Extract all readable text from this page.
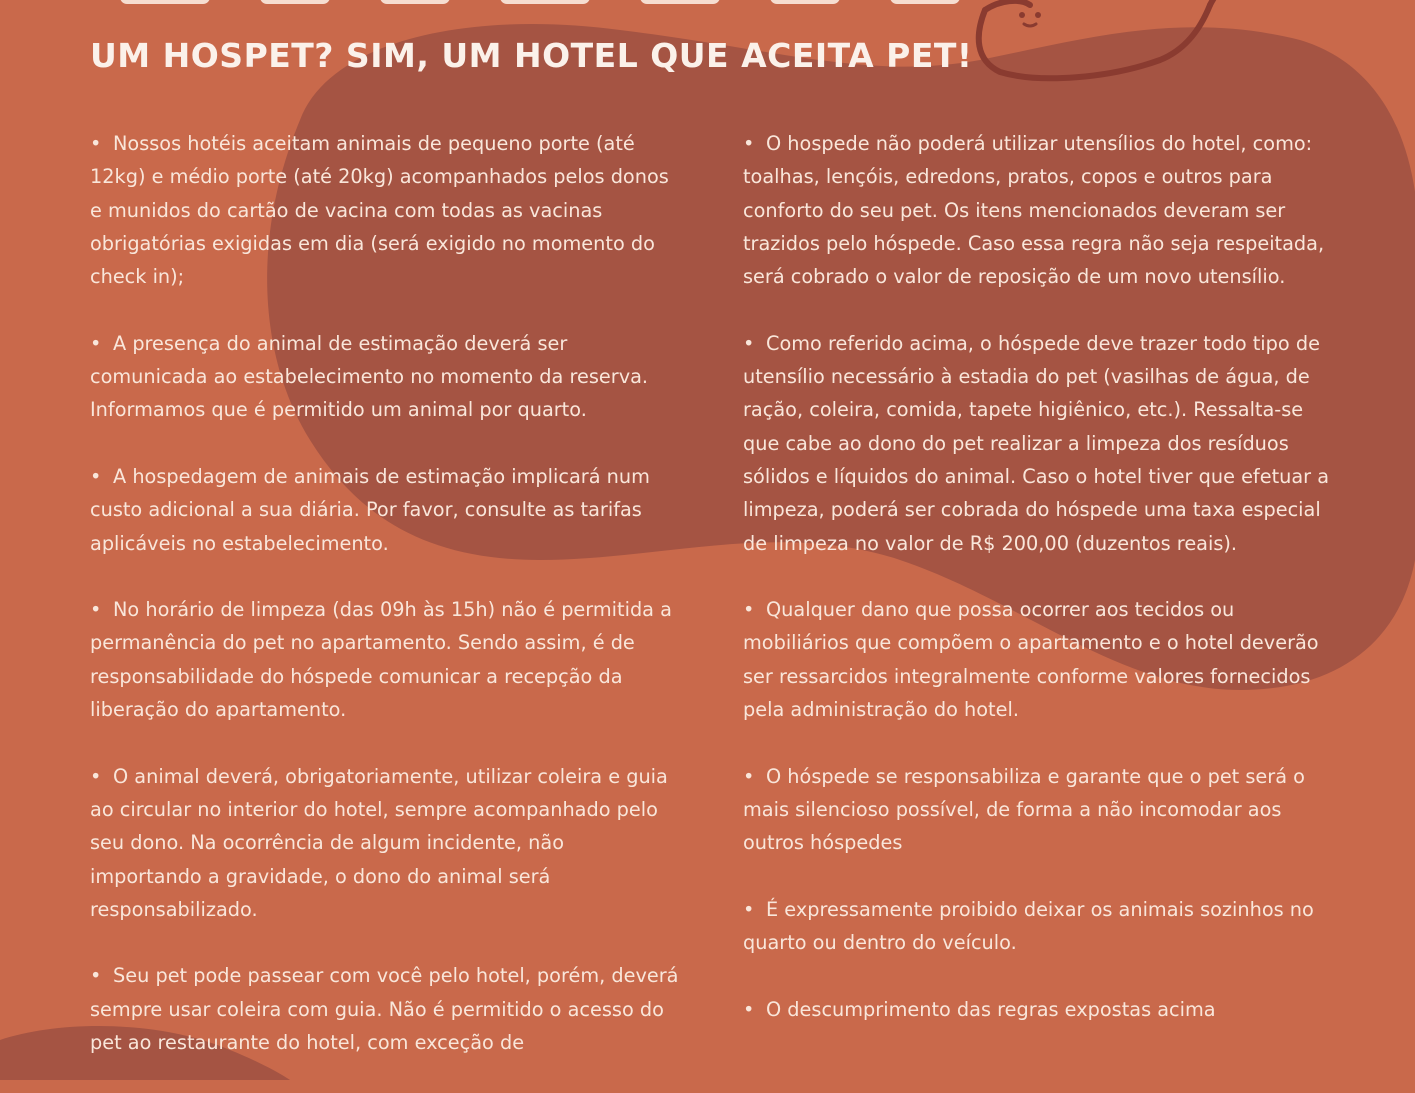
UM HOSPET? SIM, UM HOTEL QUE ACEITA PET!

• Nossos hotéis aceitam animais de pequeno porte (até 12kg) e médio porte (até 20kg) acompanhados pelos donos e munidos do cartão de vacina com todas as vacinas obrigatórias exigidas em dia (será exigido no momento do check in);

• A presença do animal de estimação deverá ser comunicada ao estabelecimento no momento da reserva. Informamos que é permitido um animal por quarto.

• A hospedagem de animais de estimação implicará num custo adicional a sua diária. Por favor, consulte as tarifas aplicáveis no estabelecimento.

• No horário de limpeza (das 09h às 15h) não é permitida a permanência do pet no apartamento. Sendo assim, é de responsabilidade do hóspede comunicar a recepção da liberação do apartamento.

• O animal deverá, obrigatoriamente, utilizar coleira e guia ao circular no interior do hotel, sempre acompanhado pelo seu dono. Na ocorrência de algum incidente, não importando a gravidade, o dono do animal será responsabilizado.

• Seu pet pode passear com você pelo hotel, porém, deverá sempre usar coleira com guia. Não é permitido o acesso do pet ao restaurante do hotel, com exceção de

• O hospede não poderá utilizar utensílios do hotel, como: toalhas, lençóis, edredons, pratos, copos e outros para conforto do seu pet. Os itens mencionados deveram ser trazidos pelo hóspede. Caso essa regra não seja respeitada, será cobrado o valor de reposição de um novo utensílio.

• Como referido acima, o hóspede deve trazer todo tipo de utensílio necessário à estadia do pet (vasilhas de água, de ração, coleira, comida, tapete higiênico, etc.). Ressalta-se que cabe ao dono do pet realizar a limpeza dos resíduos sólidos e líquidos do animal. Caso o hotel tiver que efetuar a limpeza, poderá ser cobrada do hóspede uma taxa especial de limpeza no valor de R$ 200,00 (duzentos reais).

• Qualquer dano que possa ocorrer aos tecidos ou mobiliários que compõem o apartamento e o hotel deverão ser ressarcidos integralmente conforme valores fornecidos pela administração do hotel.

• O hóspede se responsabiliza e garante que o pet será o mais silencioso possível, de forma a não incomodar aos outros hóspedes

• É expressamente proibido deixar os animais sozinhos no quarto ou dentro do veículo.

• O descumprimento das regras expostas acima
